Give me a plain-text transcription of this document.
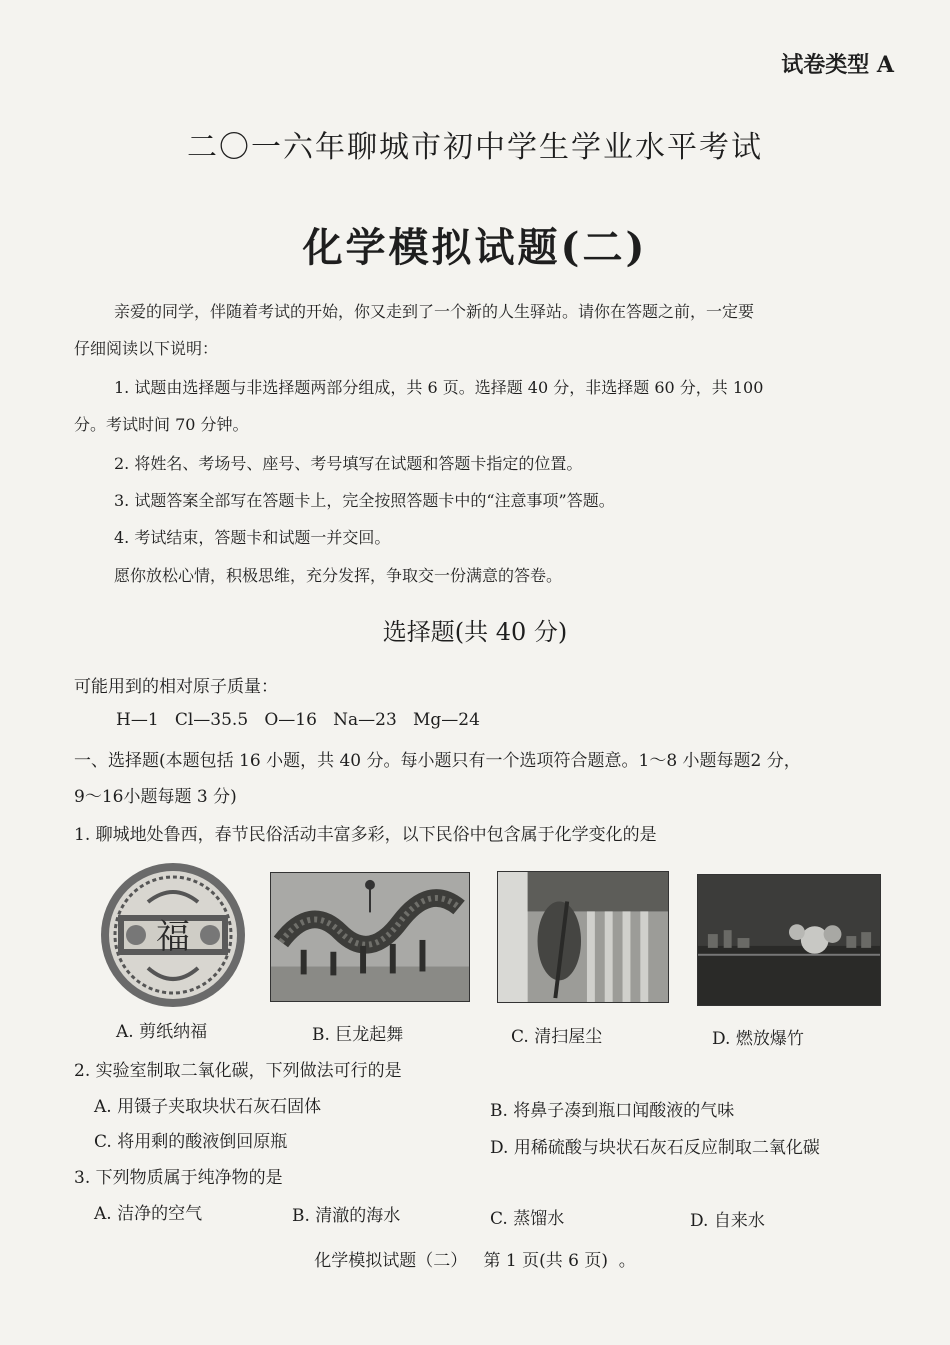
试卷类型 A
二〇一六年聊城市初中学生学业水平考试
化学模拟试题(二)
亲爱的同学，伴随着考试的开始，你又走到了一个新的人生驿站。请你在答题之前，一定要
仔细阅读以下说明：
1. 试题由选择题与非选择题两部分组成，共 6 页。选择题 40 分，非选择题 60 分，共 100
分。考试时间 70 分钟。
2. 将姓名、考场号、座号、考号填写在试题和答题卡指定的位置。
3. 试题答案全部写在答题卡上，完全按照答题卡中的“注意事项”答题。
4. 考试结束，答题卡和试题一并交回。
愿你放松心情，积极思维，充分发挥，争取交一份满意的答卷。
选择题(共 40 分)
可能用到的相对原子质量：
H—1   Cl—35.5   O—16   Na—23   Mg—24
一、选择题(本题包括 16 小题，共 40 分。每小题只有一个选项符合题意。1～8 小题每题2 分，
9～16小题每题 3 分)
1. 聊城地处鲁西，春节民俗活动丰富多彩，以下民俗中包含属于化学变化的是
福
A. 剪纸纳福	B. 巨龙起舞	C. 清扫屋尘	D. 燃放爆竹
2. 实验室制取二氧化碳，下列做法可行的是
A. 用镊子夹取块状石灰石固体	B. 将鼻子凑到瓶口闻酸液的气味
C. 将用剩的酸液倒回原瓶	D. 用稀硫酸与块状石灰石反应制取二氧化碳
3. 下列物质属于纯净物的是
A. 洁净的空气	B. 清澈的海水	C. 蒸馏水	D. 自来水
化学模拟试题（二）   第 1 页(共 6 页)  。
